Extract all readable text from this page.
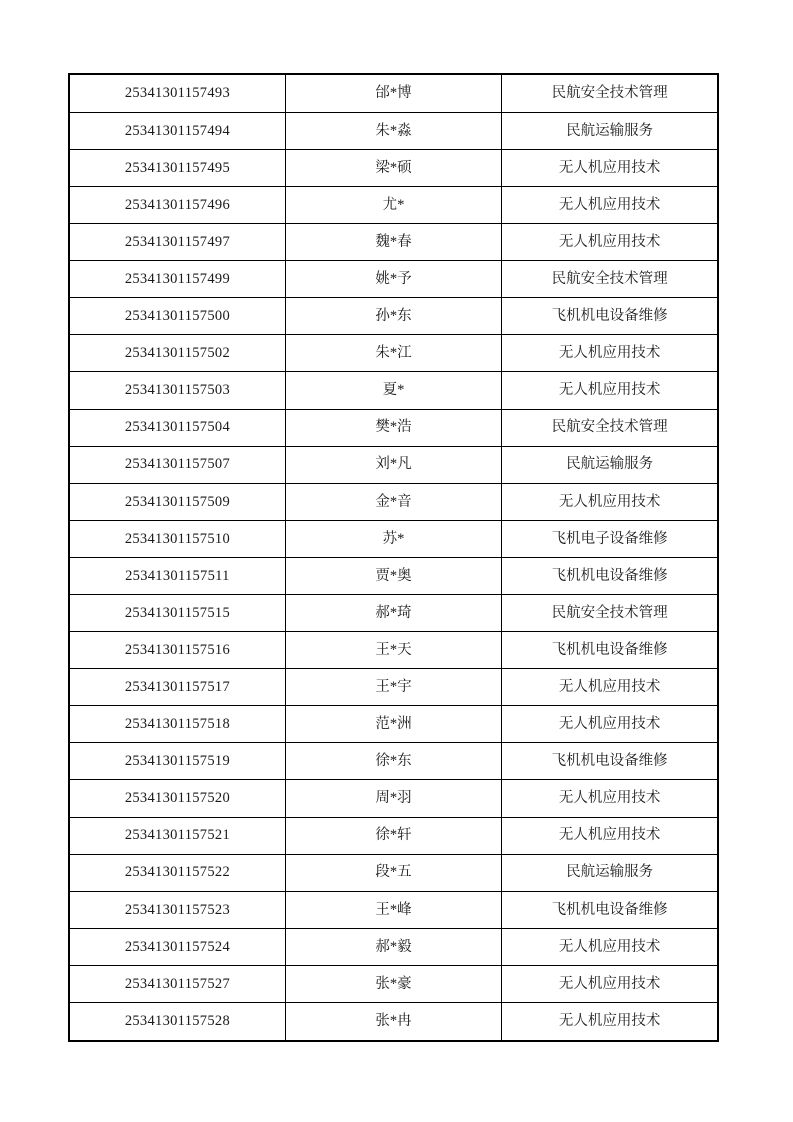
25341301157493	邰*博	民航安全技术管理
25341301157494	朱*淼	民航运输服务
25341301157495	梁*硕	无人机应用技术
25341301157496	尤*	无人机应用技术
25341301157497	魏*春	无人机应用技术
25341301157499	姚*予	民航安全技术管理
25341301157500	孙*东	飞机机电设备维修
25341301157502	朱*江	无人机应用技术
25341301157503	夏*	无人机应用技术
25341301157504	樊*浩	民航安全技术管理
25341301157507	刘*凡	民航运输服务
25341301157509	金*音	无人机应用技术
25341301157510	苏*	飞机电子设备维修
25341301157511	贾*奥	飞机机电设备维修
25341301157515	郝*琦	民航安全技术管理
25341301157516	王*天	飞机机电设备维修
25341301157517	王*宇	无人机应用技术
25341301157518	范*洲	无人机应用技术
25341301157519	徐*东	飞机机电设备维修
25341301157520	周*羽	无人机应用技术
25341301157521	徐*轩	无人机应用技术
25341301157522	段*五	民航运输服务
25341301157523	王*峰	飞机机电设备维修
25341301157524	郝*毅	无人机应用技术
25341301157527	张*豪	无人机应用技术
25341301157528	张*冉	无人机应用技术
